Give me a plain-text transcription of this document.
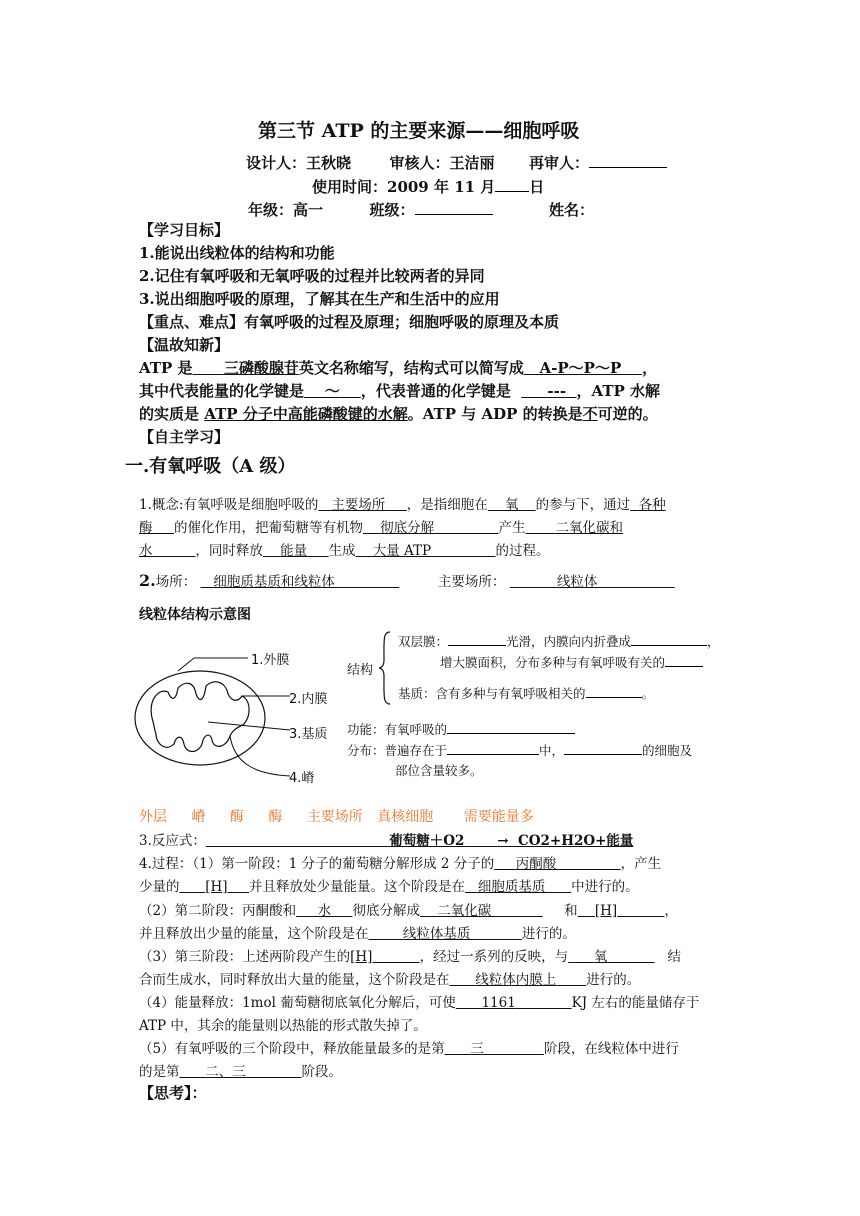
第三节 ATP 的主要来源——细胞呼吸
设计人：王秋晓	审核人：王洁丽 再审人：
使用时间：2009 年 11 月 日
年级：高一	班级：	姓名：
【学习目标】
1.能说出线粒体的结构和功能
2.记住有氧呼吸和无氧呼吸的过程并比较两者的异同
3.说出细胞呼吸的原理，了解其在生产和生活中的应用
【重点、难点】有氧呼吸的过程及原理；细胞呼吸的原理及本质
【温故知新】
ATP 是 三磷酸腺苷英文名称缩写，结构式可以简写成 A-P～P～P ，
其中代表能量的化学键是 ～ ，代表普通的化学键是 --- ，ATP 水解
的实质是 ATP 分子中高能磷酸键的水解。ATP 与 ADP 的转换是不可逆的。
【自主学习】
一.有氧呼吸（A 级）
1.概念:有氧呼吸是细胞呼吸的 主要场所 ，是指细胞在 氧 的参与下，通过 各种
酶 的催化作用，把葡萄糖等有机物 彻底分解	产生 二氧化碳和
水	，同时释放 能量 生成 大量 ATP	的过程。
2.场所： 细胞质基质和线粒体	主要场所：	线粒体
线粒体结构示意图
1.外膜
2.内膜
3.基质
4.嵴
结构
双层膜：	光滑，内膜向内折叠成	，
增大膜面积，分布多种与有氧呼吸有关的
基质：含有多种与有氧呼吸相关的	。
功能：有氧呼吸的
分布：普遍存在于	中，	的细胞及
部位含量较多。
外层 嵴 酶 酶 主要场所 真核细胞 需要能量多
3.反应式：	葡萄糖＋O2 → CO2+H2O+能量
4.过程：（1）第一阶段：1 分子的葡萄糖分解形成 2 分子的 丙酮酸	，产生
少量的 [H] 并且释放处少量能量。这个阶段是在 细胞质基质 中进行的。
（2）第二阶段：丙酮酸和 水 彻底分解成 二氧化碳	和 [H]	，
并且释放出少量的能量，这个阶段是在	线粒体基质	进行的。
（3）第三阶段：上述两阶段产生的[H]	，经过一系列的反映，与 氧	结
合而生成水，同时释放出大量的能量，这个阶段是在 线粒体内膜上 进行的。
（4）能量释放：1mol 葡萄糖彻底氧化分解后，可使 1161	KJ 左右的能量储存于
ATP 中，其余的能量则以热能的形式散失掉了。
（5）有氧呼吸的三个阶段中，释放能量最多的是第 三	阶段，在线粒体中进行
的是第 二、三	阶段。
【思考】：
